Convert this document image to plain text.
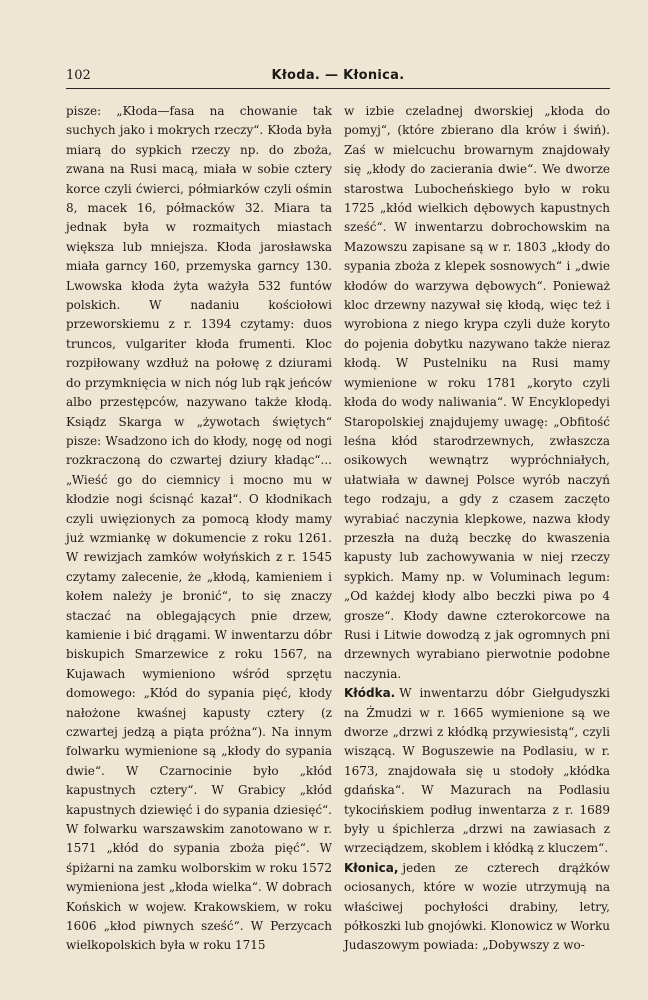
102	Kłoda. — Kłonica.

pisze: „Kłoda—fasa na chowanie tak suchych jako i mokrych rzeczy“. Kłoda była miarą do sypkich rzeczy np. do zboża, zwana na Rusi macą, miała w sobie cztery korce czyli ćwierci, półmiarków czyli ośmin 8, macek 16, półmacków 32. Miara ta jednak była w rozmaitych miastach większa lub mniejsza. Kłoda jarosławska miała garncy 160, przemyska garncy 130. Lwowska kłoda żyta ważyła 532 funtów polskich. W nadaniu kościołowi przeworskiemu z r. 1394 czytamy: duos truncos, vulgariter kłoda frumenti. Kloc rozpiłowany wzdłuż na połowę z dziurami do przymknięcia w nich nóg lub rąk jeńców albo przestępców, nazywano także kłodą. Ksiądz Skarga w „żywotach świętych“ pisze: Wsadzono ich do kłody, nogę od nogi rozkraczoną do czwartej dziury kładąc“... „Wieść go do ciemnicy i mocno mu w kłodzie nogi ścisnąć kazał“. O kłodnikach czyli uwięzionych za pomocą kłody mamy już wzmiankę w dokumencie z roku 1261. W rewizjach zamków wołyńskich z r. 1545 czytamy zalecenie, że „kłodą, kamieniem i kołem należy je bronić“, to się znaczy staczać na oblegających pnie drzew, kamienie i bić drągami. W inwentarzu dóbr biskupich Smarzewice z roku 1567, na Kujawach wymieniono wśród sprzętu domowego: „Kłód do sypania pięć, kłody nałożone kwaśnej kapusty cztery (z czwartej jedzą a piąta próżna“). Na innym folwarku wymienione są „kłody do sypania dwie“. W Czarnocinie było „kłód kapustnych cztery“. W Grabicy „kłód kapustnych dziewięć i do sypania dziesięć“. W folwarku warszawskim zanotowano w r. 1571 „kłód do sypania zboża pięć“. W śpiżarni na zamku wolborskim w roku 1572 wymieniona jest „kłoda wielka“. W dobrach Końskich w wojew. Krakowskiem, w roku 1606 „kłod piwnych sześć“. W Perzycach wielkopolskich była w roku 1715

w izbie czeladnej dworskiej „kłoda do pomyj“, (które zbierano dla krów i świń). Zaś w mielcuchu browarnym znajdowały się „kłody do zacierania dwie“. We dworze starostwa Lubocheńskiego było w roku 1725 „kłód wielkich dębowych kapustnych sześć“. W inwentarzu dobrochowskim na Mazowszu zapisane są w r. 1803 „kłody do sypania zboża z klepek sosnowych“ i „dwie kłodów do warzywa dębowych“. Ponieważ kloc drzewny nazywał się kłodą, więc też i wyrobiona z niego krypa czyli duże koryto do pojenia dobytku nazywano także nieraz kłodą. W Pustelniku na Rusi mamy wymienione w roku 1781 „koryto czyli kłoda do wody naliwania“. W Encyklopedyi Staropolskiej znajdujemy uwagę: „Obfitość leśna kłód starodrzewnych, zwłaszcza osikowych wewnątrz wypróchniałych, ułatwiała w dawnej Polsce wyrób naczyń tego rodzaju, a gdy z czasem zaczęto wyrabiać naczynia klepkowe, nazwa kłody przeszła na dużą beczkę do kwaszenia kapusty lub zachowywania w niej rzeczy sypkich. Mamy np. w Voluminach legum: „Od każdej kłody albo beczki piwa po 4 grosze“. Kłody dawne czterokorcowe na Rusi i Litwie dowodzą z jak ogromnych pni drzewnych wyrabiano pierwotnie podobne naczynia.

Kłódka. W inwentarzu dóbr Giełgudyszki na Żmudzi w r. 1665 wymienione są we dworze „drzwi z kłódką przywiesistą“, czyli wiszącą. W Boguszewie na Podlasiu, w r. 1673, znajdowała się u stodoły „kłódka gdańska“. W Mazurach na Podlasiu tykocińskiem podług inwentarza z r. 1689 były u śpichlerza „drzwi na zawiasach z wrzeciądzem, skoblem i kłódką z kluczem“.

Kłonica, jeden ze czterech drążków ociosanych, które w wozie utrzymują na właściwej pochyłości drabiny, letry, półkoszki lub gnojówki. Klonowicz w Worku Judaszowym powiada: „Dobywszy z wo-
